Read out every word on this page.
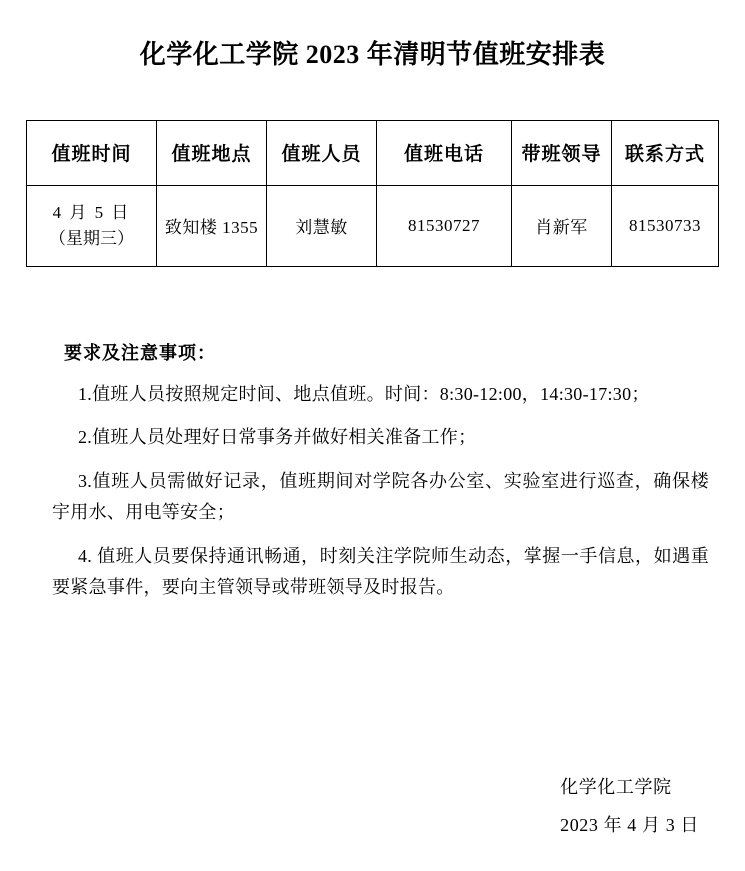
化学化工学院 2023 年清明节值班安排表
值班时间	值班地点	值班人员	值班电话	带班领导	联系方式

4 月 5 日
（星期三）	致知楼 1355	刘慧敏	81530727	肖新军	81530733
要求及注意事项：

1.值班人员按照规定时间、地点值班。时间：8:30-12:00，14:30-17:30；

2.值班人员处理好日常事务并做好相关准备工作；

3.值班人员需做好记录，值班期间对学院各办公室、实验室进行巡查，确保楼宇用水、用电等安全；

4. 值班人员要保持通讯畅通，时刻关注学院师生动态，掌握一手信息，如遇重要紧急事件，要向主管领导或带班领导及时报告。

化学化工学院
2023 年 4 月 3 日
